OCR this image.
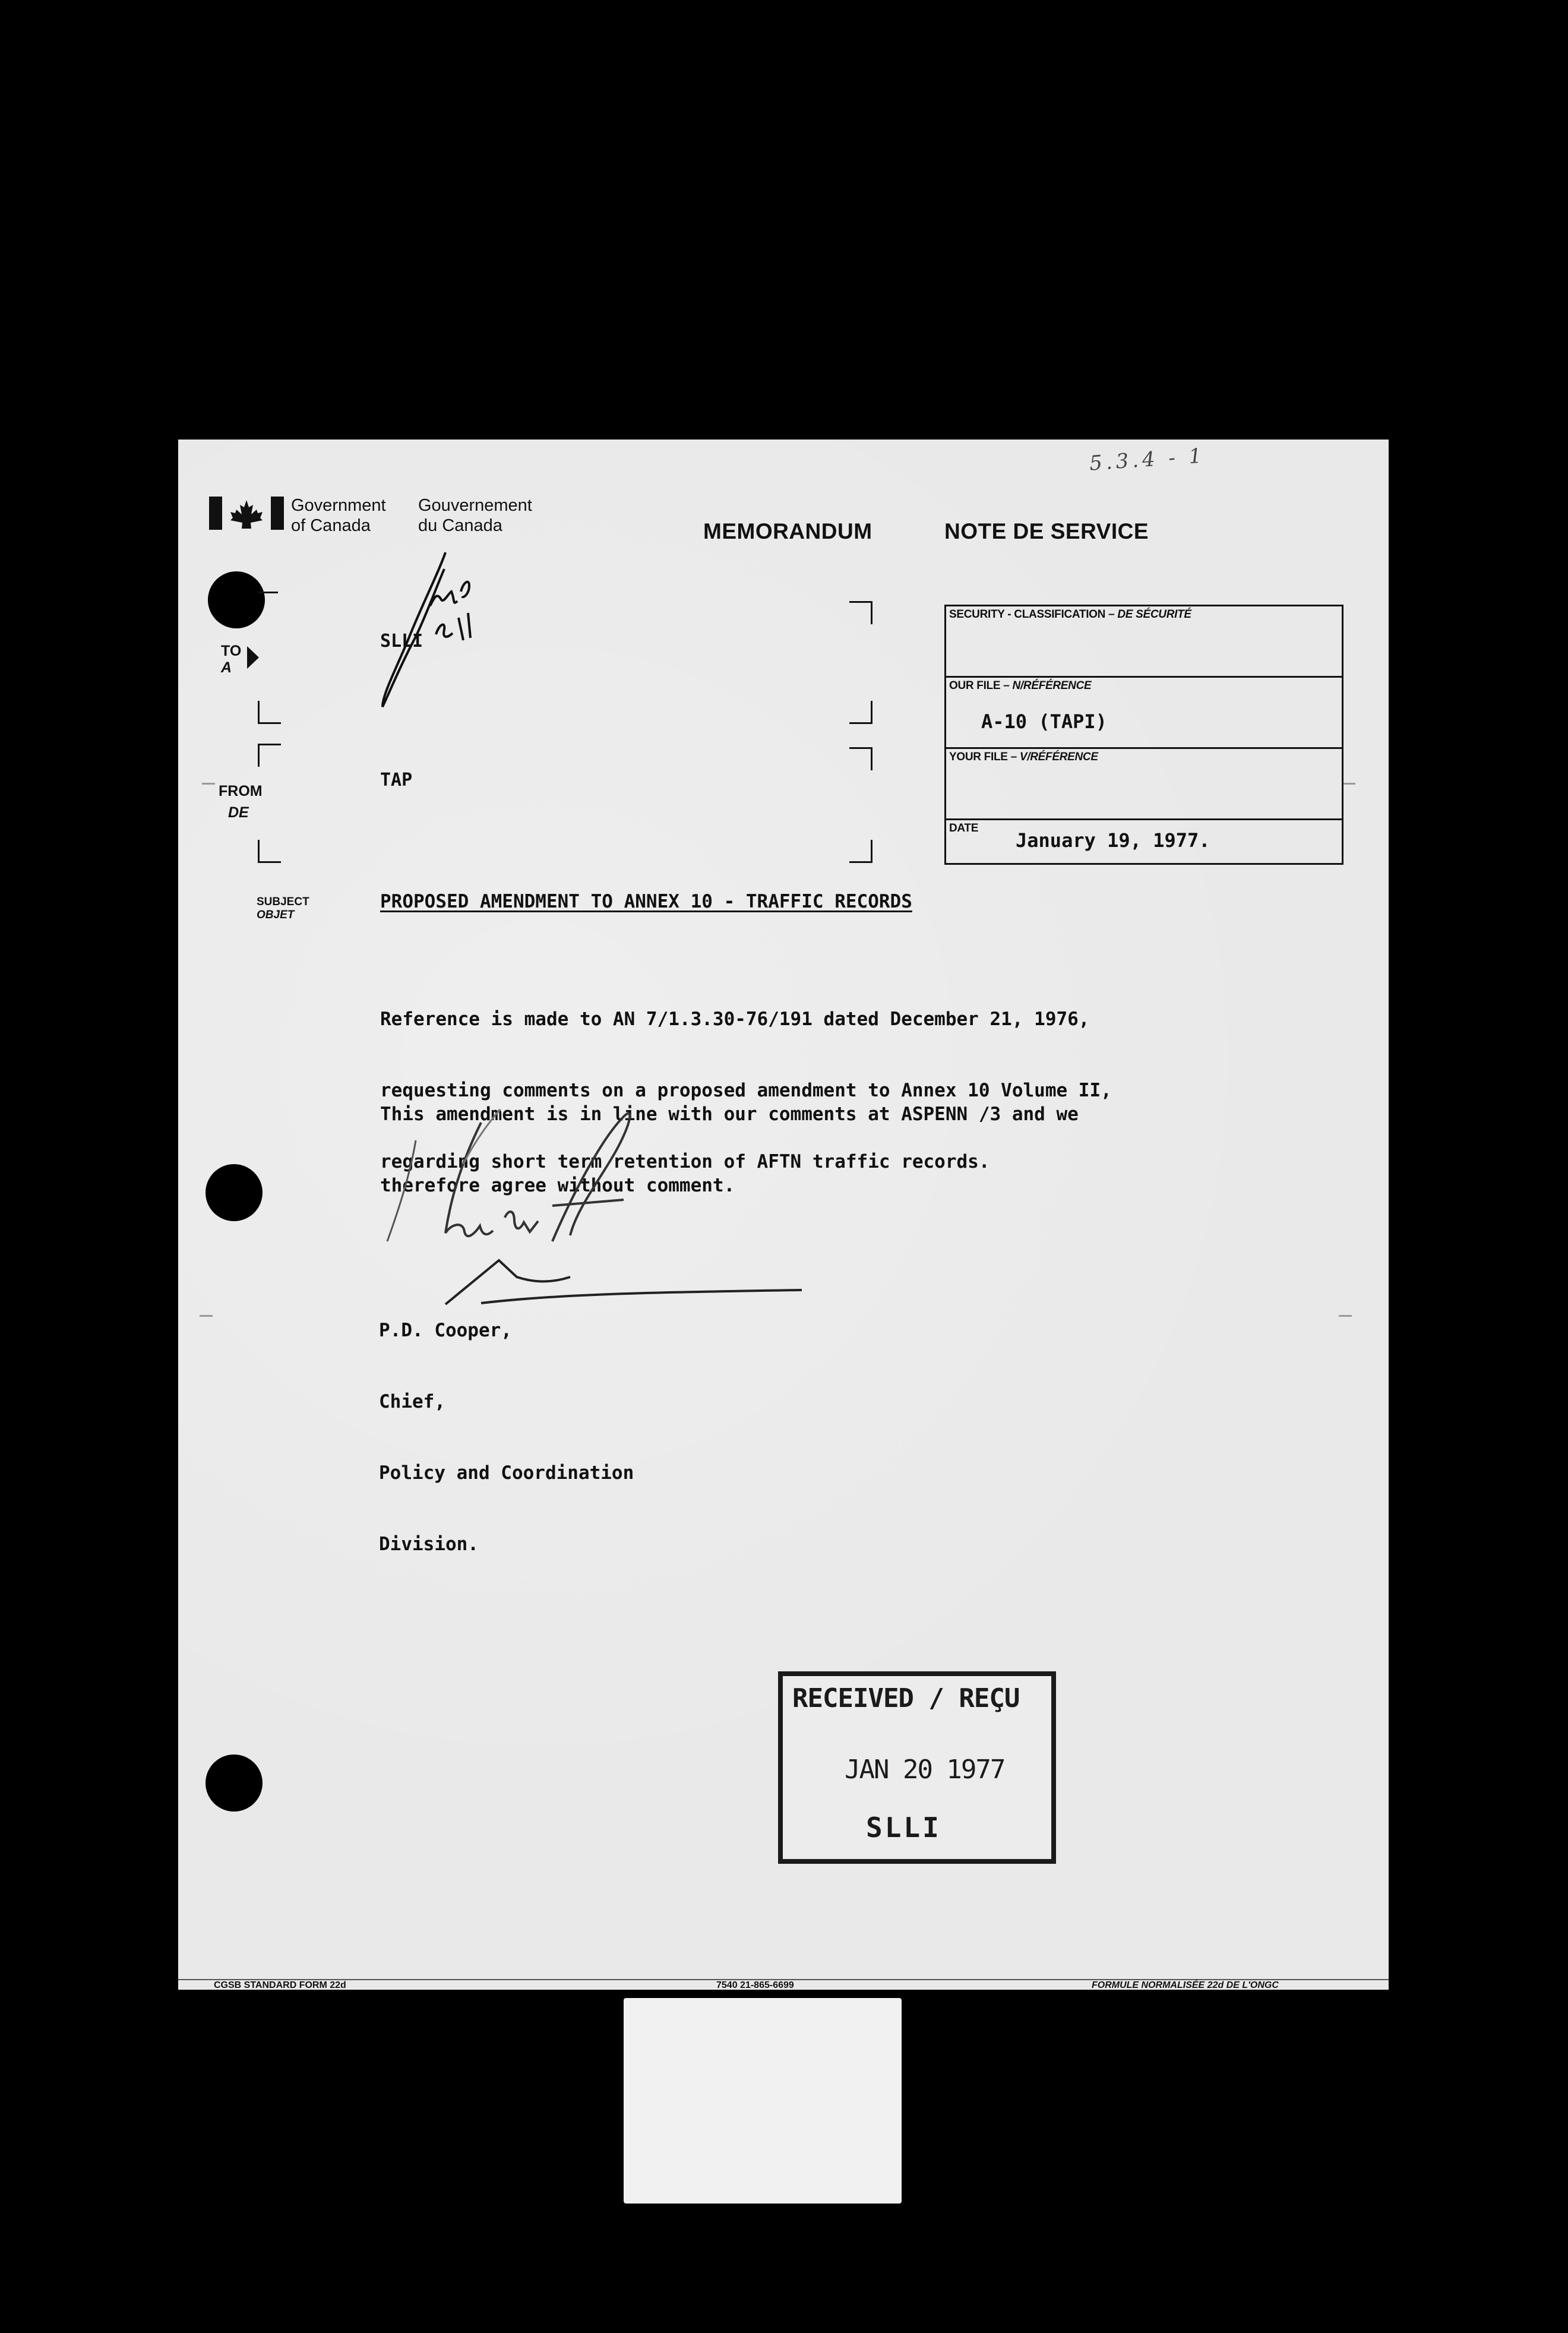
Government
of Canada
Gouvernement
du Canada
5.3.4 - 1
MEMORANDUM	NOTE DE SERVICE
TO
A
SLLI
w.f. 20/1
FROM
DE
TAP
SECURITY - CLASSIFICATION – DE SÉCURITÉ
OUR FILE – N/RÉFÉRENCE
A-10 (TAPI)
YOUR FILE – V/RÉFÉRENCE
DATE
January 19, 1977.
SUBJECT
OBJET
PROPOSED AMENDMENT TO ANNEX 10 - TRAFFIC RECORDS

Reference is made to AN 7/1.3.30-76/191 dated December 21, 1976,

requesting comments on a proposed amendment to Annex 10 Volume II,

regarding short term retention of AFTN traffic records.

This amendment is in line with our comments at ASPENN /3 and we

therefore agree without comment.

P.D. Cooper,

Chief,

Policy and Coordination

Division.

CGSB STANDARD FORM 22d	7540 21-865-6699	FORMULE NORMALISÉE 22d DE L'ONGC
RECEIVED / REÇU
JAN 20 1977
SLLI
